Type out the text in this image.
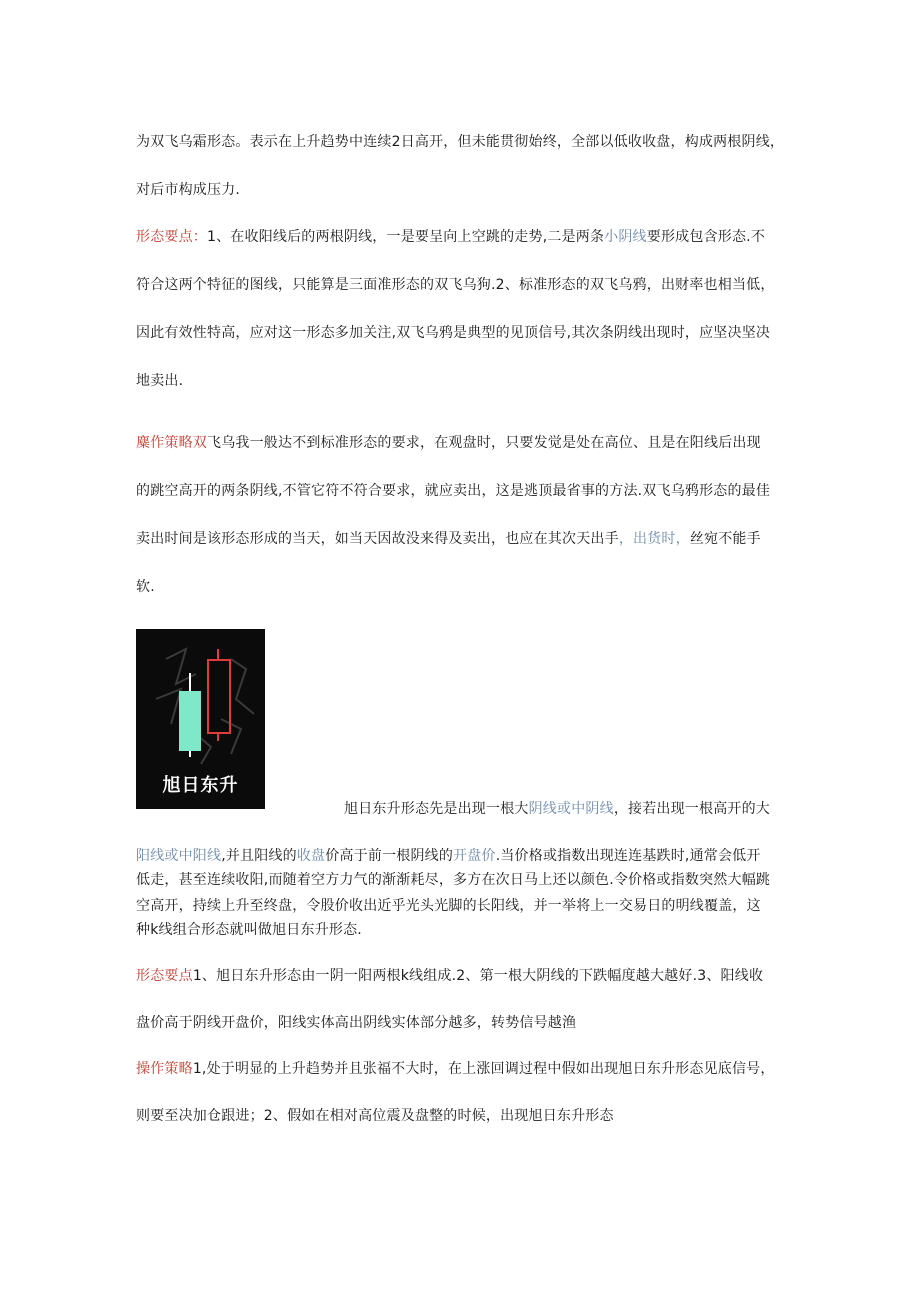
为双飞乌霜形态。表示在上升趋势中连续2日高开，但未能贯彻始终，全部以低收收盘，构成两根阴线，
对后市构成压力.
形态要点：1、在收阳线后的两根阴线，一是要呈向上空跳的走势,二是两条小阴线要形成包含形态.不
符合这两个特征的图线，只能算是三面准形态的双飞乌狗.2、标准形态的双飞乌鸦，出财率也相当低，
因此有效性特高，应对这一形态多加关注,双飞乌鸦是典型的见顶信号,其次条阴线出现时，应坚决坚决
地卖出.
麋作策略双飞乌我一般达不到标准形态的要求，在观盘时，只要发觉是处在高位、且是在阳线后出现
的跳空高开的两条阴线,不管它符不符合要求，就应卖出，这是逃顶最省事的方法.双飞乌鸦形态的最佳
卖出时间是该形态形成的当天，如当天因故没来得及卖出，也应在其次天出手，出货时，丝宛不能手
软.
旭日东升
旭日东升形态先是出现一根大阴线或中阴线，接若出现一根高开的大
阳线或中阳线,并且阳线的收盘价高于前一根阴线的开盘价.当价格或指数出现连连基跌时,通常会低开
低走，甚至连续收阳,而随着空方力气的渐渐耗尽，多方在次日马上还以颜色.令价格或指数突然大幅跳
空高开，持续上升至终盘，令股价收出近乎光头光脚的长阳线，并一举将上一交易日的明线覆盖，这
种k线组合形态就叫做旭日东升形态.
形态要点1、旭日东升形态由一阴一阳两根k线组成.2、第一根大阴线的下跌幅度越大越好.3、阳线收
盘价高于阴线开盘价，阳线实体高出阴线实体部分越多，转势信号越渔
操作策略1,处于明显的上升趋势并且张福不大时，在上涨回调过程中假如出现旭日东升形态见底信号，
则要至决加仓跟进；2、假如在相对高位震及盘整的时候，出现旭日东升形态
